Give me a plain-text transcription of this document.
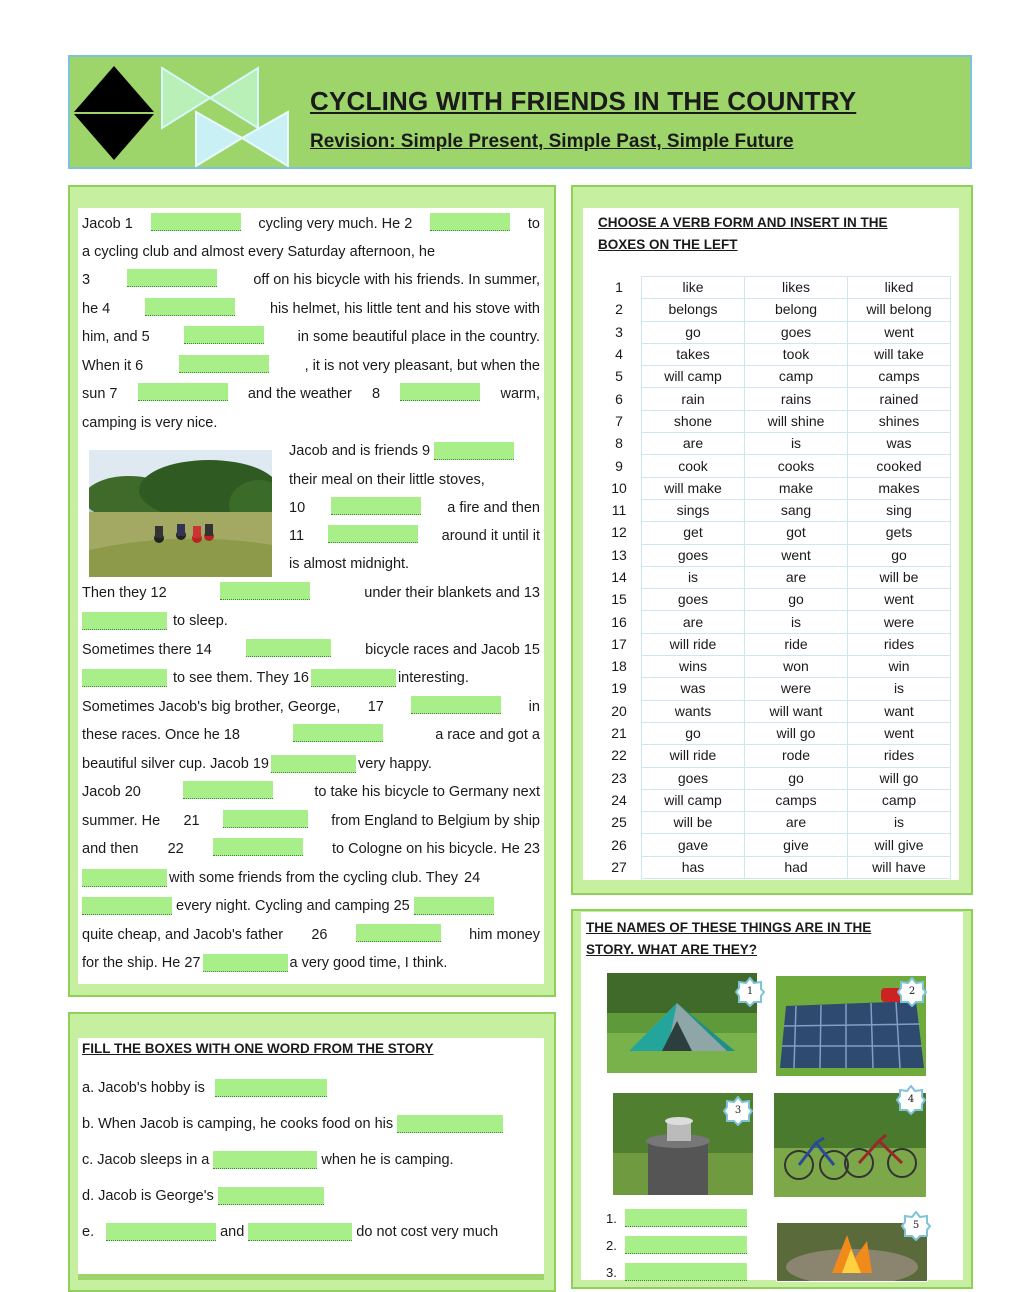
CYCLING WITH FRIENDS IN THE COUNTRY
Revision: Simple Present, Simple Past, Simple Future
Jacob 1	cycling very much. He 2	to
a cycling club and almost every Saturday afternoon, he
3	off on his bicycle with his friends. In summer,
he 4	his helmet, his little tent and his stove with
him, and 5	in some beautiful place in the country.
When it 6	, it is not very pleasant, but when the
sun 7	and the weather 8	warm,
camping is very nice.
Jacob and is friends 9
their meal on their little stoves,
10	a fire and then
11	around it until it
is almost midnight.
Then they 12	under their blankets and 13
to sleep.
Sometimes there 14	bicycle races and Jacob 15
to see them. They 16	interesting.
Sometimes Jacob's big brother, George, 17	in
these races. Once he 18	a race and got a
beautiful silver cup. Jacob 19	very happy.
Jacob 20	to take his bicycle to Germany next
summer. He 21	from England to Belgium by ship
and then 22	to Cologne on his bicycle. He 23
with some friends from the cycling club. They 24
every night. Cycling and camping 25
quite cheap, and Jacob's father 26	him money
for the ship. He 27	a very good time, I think.
CHOOSE A VERB FORM AND INSERT IN THE
BOXES ON THE LEFT
1	like	likes	liked
2	belongs	belong	will belong
3	go	goes	went
4	takes	took	will take
5	will camp	camp	camps
6	rain	rains	rained
7	shone	will shine	shines
8	are	is	was
9	cook	cooks	cooked
10	will make	make	makes
11	sings	sang	sing
12	get	got	gets
13	goes	went	go
14	is	are	will be
15	goes	go	went
16	are	is	were
17	will ride	ride	rides
18	wins	won	win
19	was	were	is
20	wants	will want	want
21	go	will go	went
22	will ride	rode	rides
23	goes	go	will go
24	will camp	camps	camp
25	will be	are	is
26	gave	give	will give
27	has	had	will have
THE NAMES OF THESE THINGS ARE IN THE
STORY. WHAT ARE THEY?
1	2
3
4
5
1.
2.
3.
FILL THE BOXES WITH ONE WORD FROM THE STORY
a. Jacob's hobby is
b. When Jacob is camping, he cooks food on his
c. Jacob sleeps in a	when he is camping.
d. Jacob is George's
e.	and	do not cost very much
